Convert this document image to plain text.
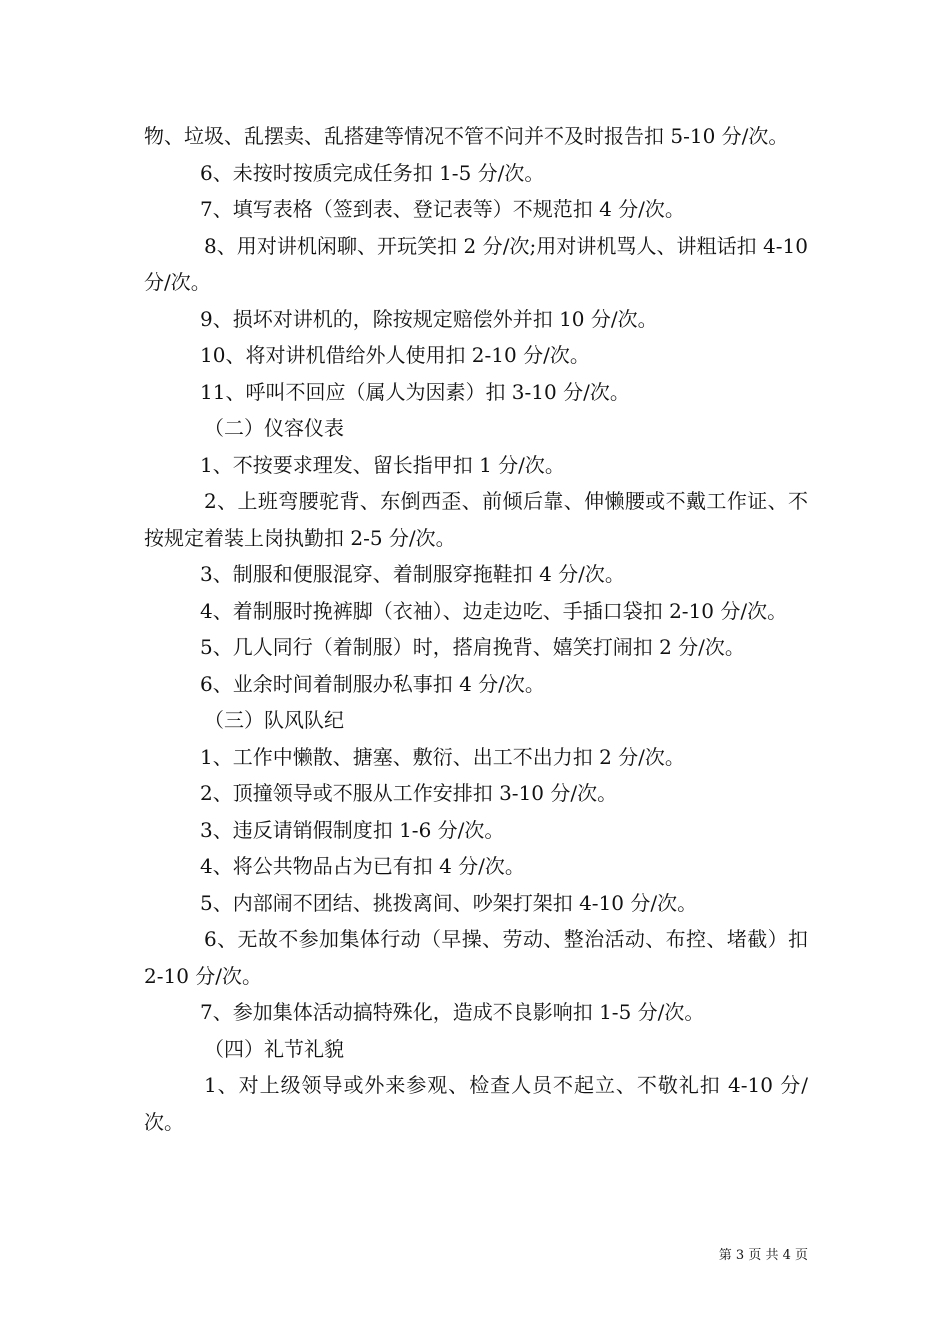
物、垃圾、乱摆卖、乱搭建等情况不管不问并不及时报告扣 5-10 分/次。

6、未按时按质完成任务扣 1-5 分/次。

7、填写表格（签到表、登记表等）不规范扣 4 分/次。

8、用对讲机闲聊、开玩笑扣 2 分/次;用对讲机骂人、讲粗话扣 4-10 分/次。

9、损坏对讲机的，除按规定赔偿外并扣 10 分/次。

10、将对讲机借给外人使用扣 2-10 分/次。

11、呼叫不回应（属人为因素）扣 3-10 分/次。

（二）仪容仪表

1、不按要求理发、留长指甲扣 1 分/次。

2、上班弯腰驼背、东倒西歪、前倾后靠、伸懒腰或不戴工作证、不按规定着装上岗执勤扣 2-5 分/次。

3、制服和便服混穿、着制服穿拖鞋扣 4 分/次。

4、着制服时挽裤脚（衣袖）、边走边吃、手插口袋扣 2-10 分/次。

5、几人同行（着制服）时，搭肩挽背、嬉笑打闹扣 2 分/次。

6、业余时间着制服办私事扣 4 分/次。

（三）队风队纪

1、工作中懒散、搪塞、敷衍、出工不出力扣 2 分/次。

2、顶撞领导或不服从工作安排扣 3-10 分/次。

3、违反请销假制度扣 1-6 分/次。

4、将公共物品占为已有扣 4 分/次。

5、内部闹不团结、挑拨离间、吵架打架扣 4-10 分/次。

6、无故不参加集体行动（早操、劳动、整治活动、布控、堵截）扣 2-10 分/次。

7、参加集体活动搞特殊化，造成不良影响扣 1-5 分/次。

（四）礼节礼貌

1、对上级领导或外来参观、检查人员不起立、不敬礼扣 4-10 分/次。

第 3 页 共 4 页
